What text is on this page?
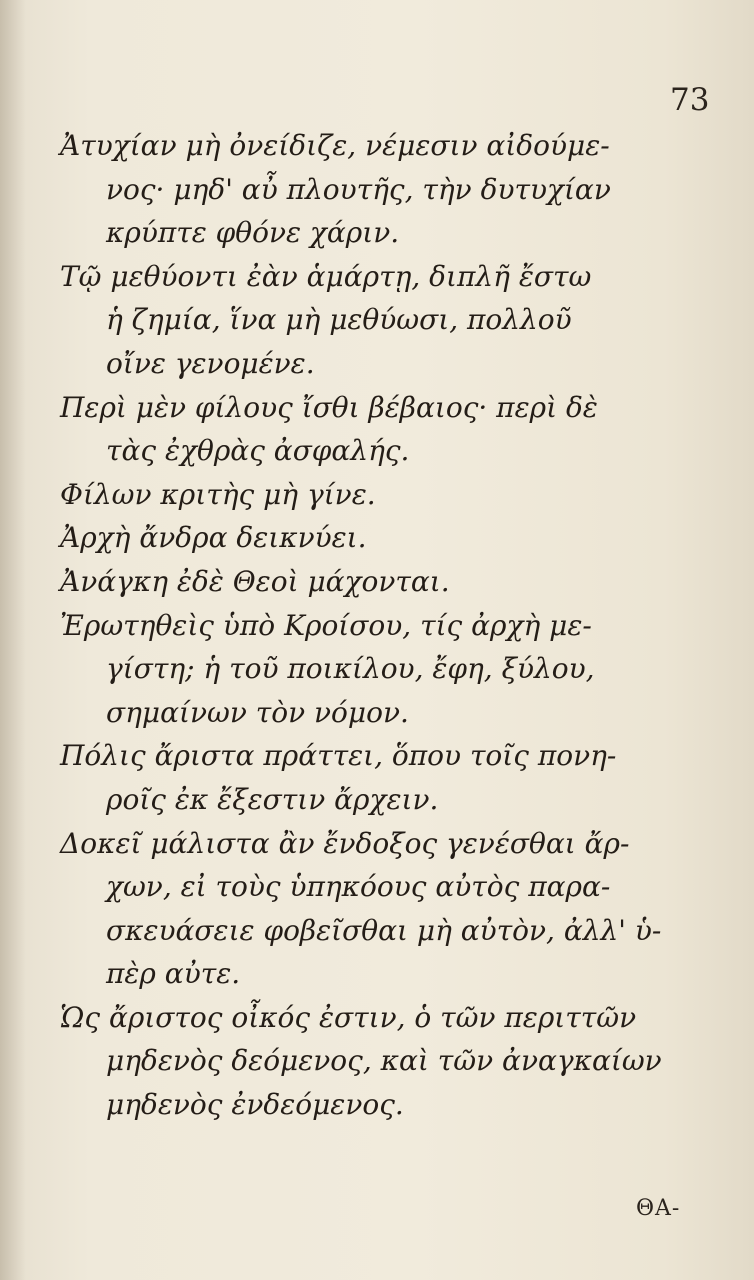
73
Ἀτυχίαν μὴ ὀνείδιζε, νέμεσιν αἰδούμε-
νος· μηδ' αὖ πλουτῆς, τὴν δυτυχίαν
κρύπτε φθόνε χάριν.
Τῷ μεθύοντι ἐὰν ἁμάρτῃ, διπλῆ ἔστω
ἡ ζημία, ἵνα μὴ μεθύωσι, πολλοῦ
οἴνε γενομένε.
Περὶ μὲν φίλους ἴσθι βέβαιος· περὶ δὲ
τὰς ἐχθρὰς ἀσφαλής.
Φίλων κριτὴς μὴ γίνε.
Ἀρχὴ ἄνδρα δεικνύει.
Ἀνάγκη ἐδὲ Θεοὶ μάχονται.
Ἐρωτηθεὶς ὑπὸ Κροίσου, τίς ἀρχὴ με-
γίστη; ἡ τοῦ ποικίλου, ἔφη, ξύλου,
σημαίνων τὸν νόμον.
Πόλις ἄριστα πράττει, ὅπου τοῖς πονη-
ροῖς ἐκ ἔξεστιν ἄρχειν.
Δοκεῖ μάλιστα ἂν ἔνδοξος γενέσθαι ἄρ-
χων, εἰ τοὺς ὑπηκόους αὐτὸς παρα-
σκευάσειε φοβεῖσθαι μὴ αὐτὸν, ἀλλ' ὑ-
πὲρ αὐτε.
Ὡς ἄριστος οἶκός ἐστιν, ὁ τῶν περιττῶν
μηδενὸς δεόμενος, καὶ τῶν ἀναγκαίων
μηδενὸς ἐνδεόμενος.
ΘΑ-
